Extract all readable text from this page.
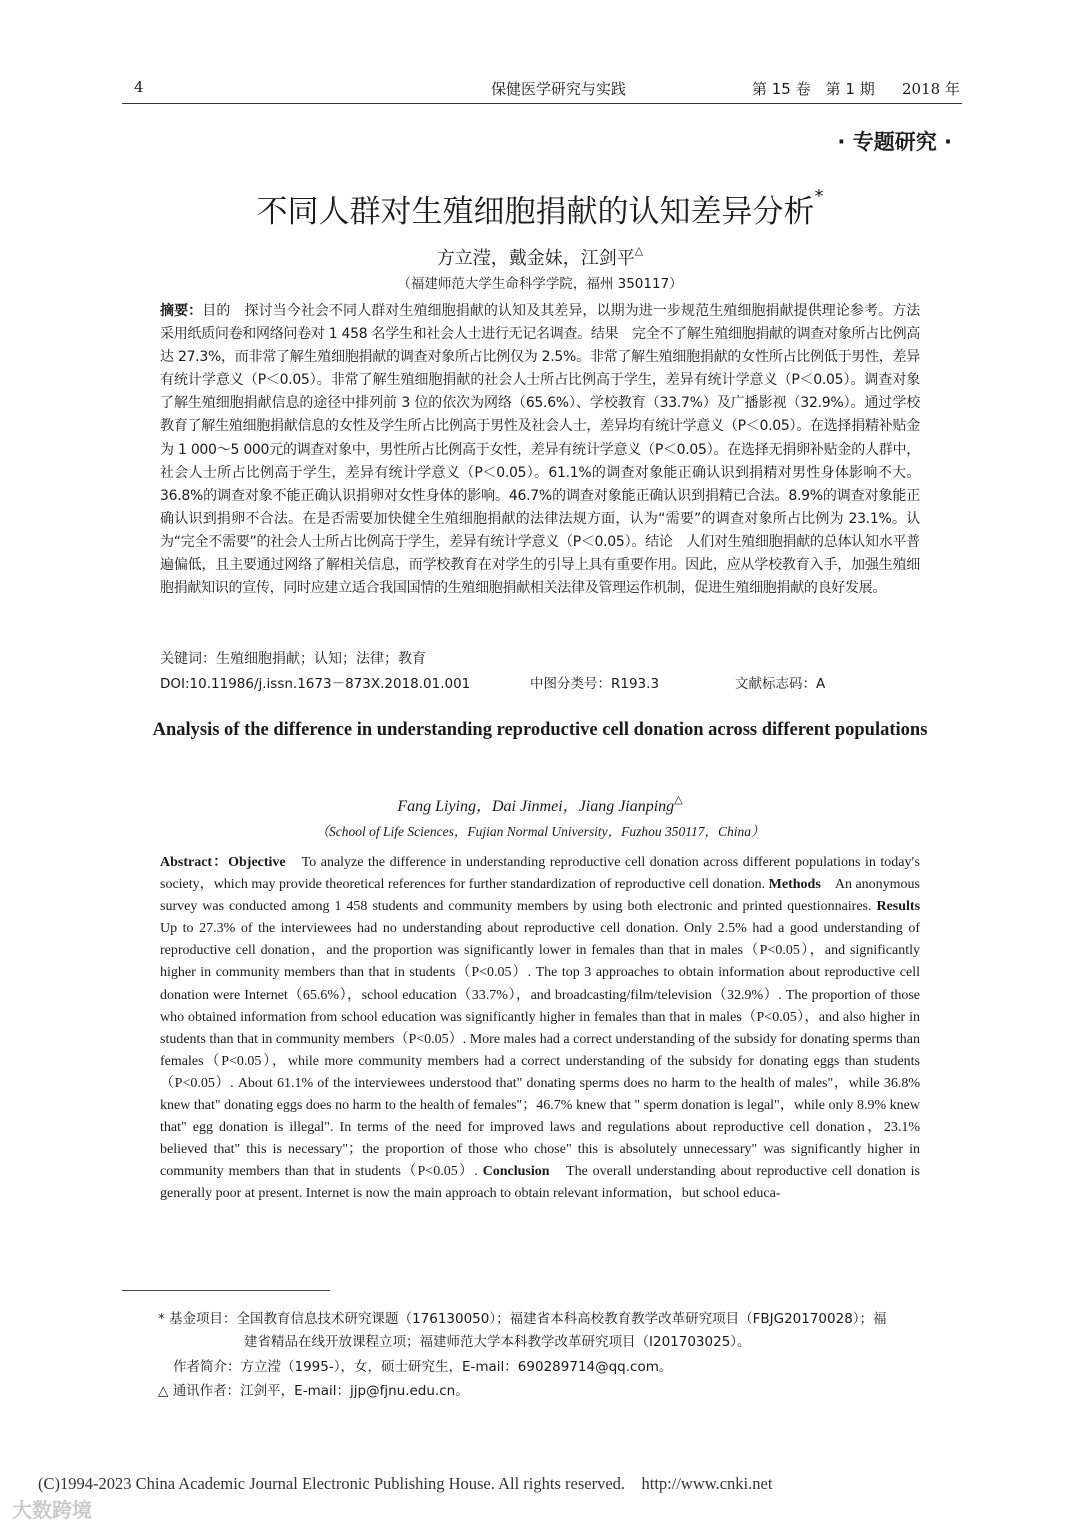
4	保健医学研究与实践	第 15 卷　第 1 期 2018 年
· 专题研究 ·
不同人群对生殖细胞捐献的认知差异分析*
方立滢，戴金妹，江剑平△
（福建师范大学生命科学学院，福州 350117）
摘要：目的　探讨当今社会不同人群对生殖细胞捐献的认知及其差异，以期为进一步规范生殖细胞捐献提供理论参考。方法　采用纸质问卷和网络问卷对 1 458 名学生和社会人士进行无记名调查。结果　完全不了解生殖细胞捐献的调查对象所占比例高达 27.3%，而非常了解生殖细胞捐献的调查对象所占比例仅为 2.5%。非常了解生殖细胞捐献的女性所占比例低于男性，差异有统计学意义（P＜0.05）。非常了解生殖细胞捐献的社会人士所占比例高于学生，差异有统计学意义（P＜0.05）。调查对象了解生殖细胞捐献信息的途径中排列前 3 位的依次为网络（65.6%）、学校教育（33.7%）及广播影视（32.9%）。通过学校教育了解生殖细胞捐献信息的女性及学生所占比例高于男性及社会人士，差异均有统计学意义（P＜0.05）。在选择捐精补贴金为 1 000～5 000元的调查对象中，男性所占比例高于女性，差异有统计学意义（P＜0.05）。在选择无捐卵补贴金的人群中，社会人士所占比例高于学生，差异有统计学意义（P＜0.05）。61.1%的调查对象能正确认识到捐精对男性身体影响不大。36.8%的调查对象不能正确认识捐卵对女性身体的影响。46.7%的调查对象能正确认识到捐精已合法。8.9%的调查对象能正确认识到捐卵不合法。在是否需要加快健全生殖细胞捐献的法律法规方面，认为“需要”的调查对象所占比例为 23.1%。认为“完全不需要”的社会人士所占比例高于学生，差异有统计学意义（P＜0.05）。结论　人们对生殖细胞捐献的总体认知水平普遍偏低，且主要通过网络了解相关信息，而学校教育在对学生的引导上具有重要作用。因此，应从学校教育入手，加强生殖细胞捐献知识的宣传，同时应建立适合我国国情的生殖细胞捐献相关法律及管理运作机制，促进生殖细胞捐献的良好发展。
关键词：生殖细胞捐献；认知；法律；教育
DOI:10.11986/j.issn.1673－873X.2018.01.001	中图分类号：R193.3	文献标志码：A
Analysis of the difference in understanding reproductive cell donation across different populations
Fang Liying，Dai Jinmei，Jiang Jianping△
（School of Life Sciences，Fujian Normal University，Fuzhou 350117，China）
Abstract：Objective　 To analyze the difference in understanding reproductive cell donation across different populations in today′s society，which may provide theoretical references for further standardization of reproductive cell donation. Methods　 An anonymous survey was conducted among 1 458 students and community members by using both electronic and printed questionnaires. Results　Up to 27.3% of the interviewees had no understanding about reproductive cell donation. Only 2.5% had a good understanding of reproductive cell donation，and the proportion was significantly lower in females than that in males（P<0.05），and significantly higher in community members than that in students（P<0.05）. The top 3 approaches to obtain information about reproductive cell donation were Internet（65.6%），school education（33.7%），and broadcasting/film/television（32.9%）. The proportion of those who obtained information from school education was significantly higher in females than that in males（P<0.05），and also higher in students than that in community members（P<0.05）. More males had a correct understanding of the subsidy for donating sperms than females（P<0.05），while more community members had a correct understanding of the subsidy for donating eggs than students（P<0.05）. About 61.1% of the interviewees understood that" donating sperms does no harm to the health of males"，while 36.8% knew that" donating eggs does no harm to the health of females"；46.7% knew that " sperm donation is legal"，while only 8.9% knew that" egg donation is illegal". In terms of the need for improved laws and regulations about reproductive cell donation，23.1% believed that" this is necessary"；the proportion of those who chose" this is absolutely unnecessary" was significantly higher in community members than that in students（P<0.05）. Conclusion　 The overall understanding about reproductive cell donation is generally poor at present. Internet is now the main approach to obtain relevant information，but school educa-
* 基金项目：全国教育信息技术研究课题（176130050）；福建省本科高校教育教学改革研究项目（FBJG20170028）；福
建省精品在线开放课程立项；福建师范大学本科教学改革研究项目（I201703025）。
作者简介：方立滢（1995-），女，硕士研究生，E-mail：690289714@qq.com。
△ 通讯作者：江剑平，E-mail：jjp@fjnu.edu.cn。
(C)1994-2023 China Academic Journal Electronic Publishing House. All rights reserved.    http://www.cnki.net
大数跨境
